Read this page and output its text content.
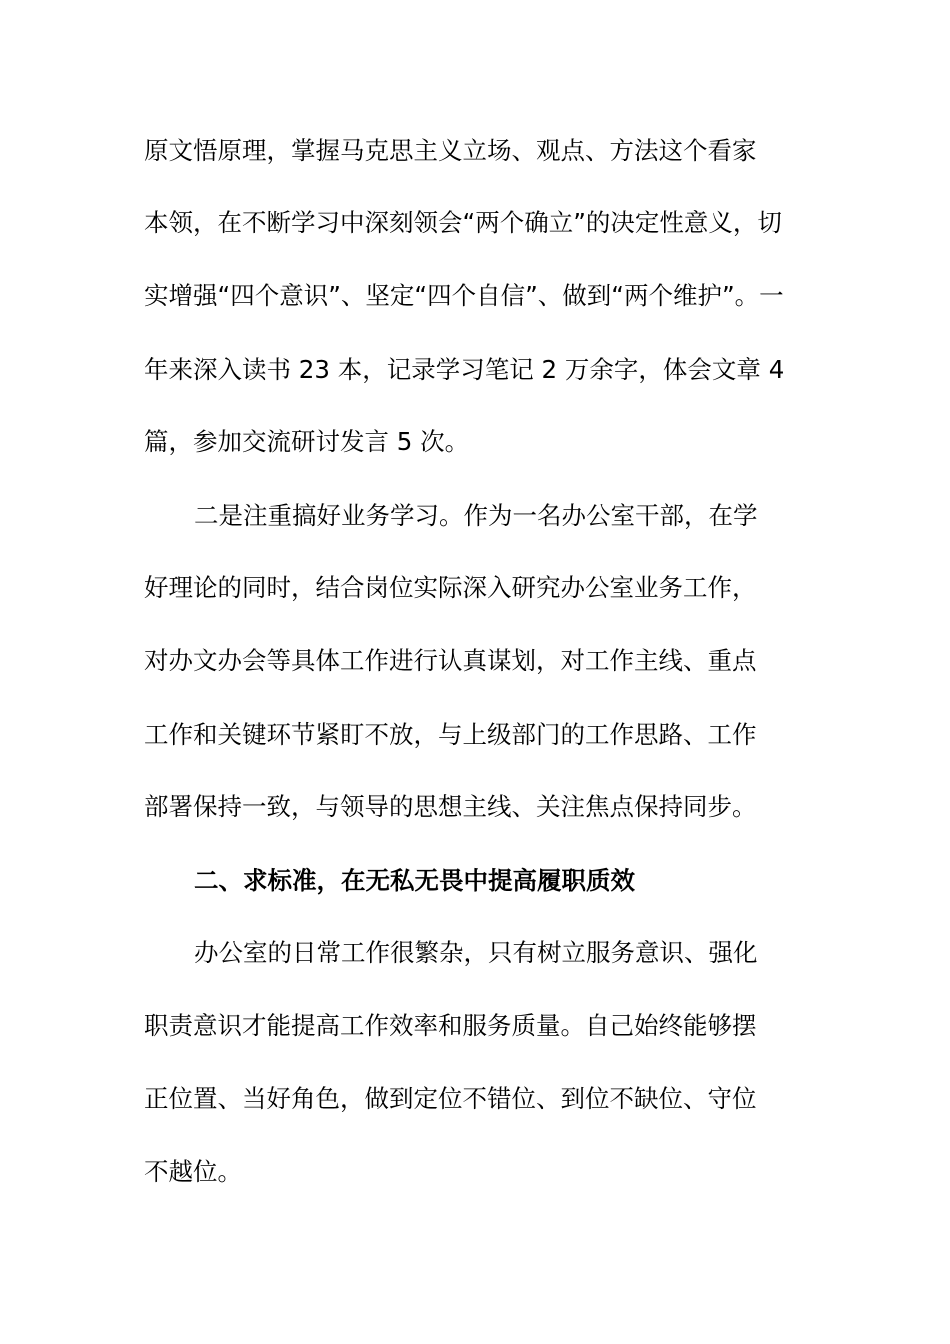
原文悟原理，掌握马克思主义立场、观点、方法这个看家
本领，在不断学习中深刻领会“两个确立”的决定性意义，切
实增强“四个意识”、坚定“四个自信”、做到“两个维护”。一
年来深入读书 23 本，记录学习笔记 2 万余字，体会文章 4
篇，参加交流研讨发言 5 次。
二是注重搞好业务学习。作为一名办公室干部，在学
好理论的同时，结合岗位实际深入研究办公室业务工作，
对办文办会等具体工作进行认真谋划，对工作主线、重点
工作和关键环节紧盯不放，与上级部门的工作思路、工作
部署保持一致，与领导的思想主线、关注焦点保持同步。
二、求标准，在无私无畏中提高履职质效
办公室的日常工作很繁杂，只有树立服务意识、强化
职责意识才能提高工作效率和服务质量。自己始终能够摆
正位置、当好角色，做到定位不错位、到位不缺位、守位
不越位。
